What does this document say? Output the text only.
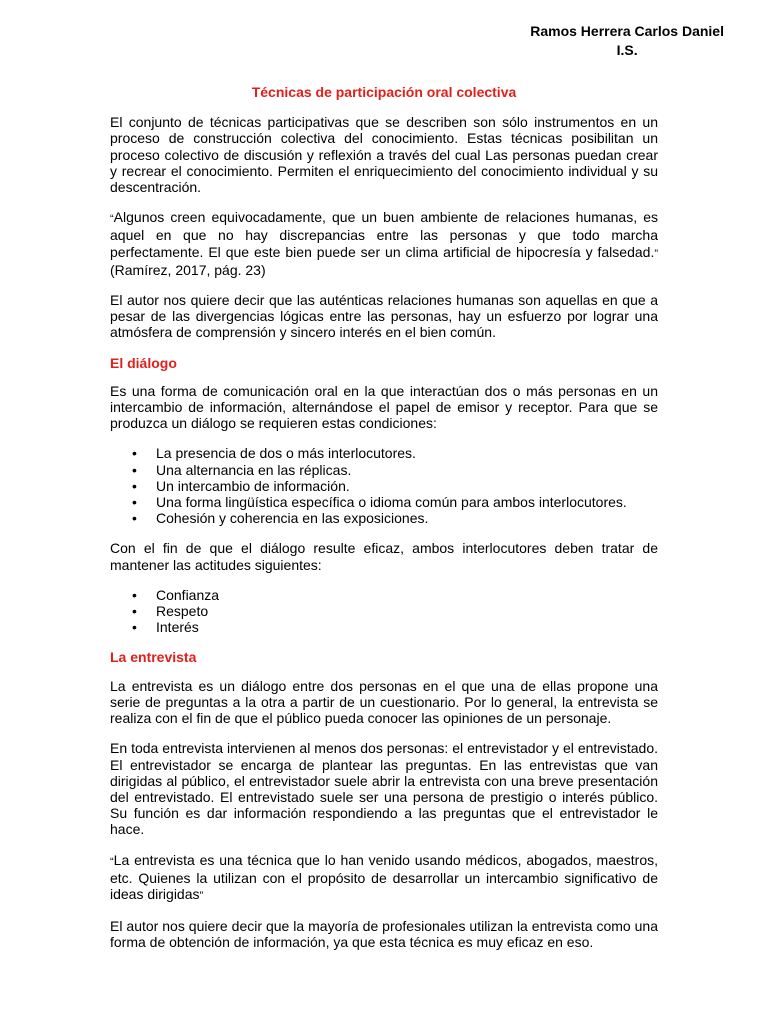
Ramos Herrera Carlos Daniel
I.S.
Técnicas de participación oral colectiva
El conjunto de técnicas participativas que se describen son sólo instrumentos en un proceso de construcción colectiva del conocimiento. Estas técnicas posibilitan un proceso colectivo de discusión y reflexión a través del cual Las personas puedan crear y recrear el conocimiento. Permiten el enriquecimiento del conocimiento individual y su descentración.
“Algunos creen equivocadamente, que un buen ambiente de relaciones humanas, es aquel en que no hay discrepancias entre las personas y que todo marcha perfectamente. El que este bien puede ser un clima artificial de hipocresía y falsedad.” (Ramírez, 2017, pág. 23)
El autor nos quiere decir que las auténticas relaciones humanas son aquellas en que a pesar de las divergencias lógicas entre las personas, hay un esfuerzo por lograr una atmósfera de comprensión y sincero interés en el bien común.
El diálogo
Es una forma de comunicación oral en la que interactúan dos o más personas en un intercambio de información, alternándose el papel de emisor y receptor. Para que se produzca un diálogo se requieren estas condiciones:
• La presencia de dos o más interlocutores.
• Una alternancia en las réplicas.
• Un intercambio de información.
• Una forma lingüística específica o idioma común para ambos interlocutores.
• Cohesión y coherencia en las exposiciones.
Con el fin de que el diálogo resulte eficaz, ambos interlocutores deben tratar de mantener las actitudes siguientes:
• Confianza
• Respeto
• Interés
La entrevista
La entrevista es un diálogo entre dos personas en el que una de ellas propone una serie de preguntas a la otra a partir de un cuestionario. Por lo general, la entrevista se realiza con el fin de que el público pueda conocer las opiniones de un personaje.
En toda entrevista intervienen al menos dos personas: el entrevistador y el entrevistado. El entrevistador se encarga de plantear las preguntas. En las entrevistas que van dirigidas al público, el entrevistador suele abrir la entrevista con una breve presentación del entrevistado. El entrevistado suele ser una persona de prestigio o interés público. Su función es dar información respondiendo a las preguntas que el entrevistador le hace.
“La entrevista es una técnica que lo han venido usando médicos, abogados, maestros, etc. Quienes la utilizan con el propósito de desarrollar un intercambio significativo de ideas dirigidas”
El autor nos quiere decir que la mayoría de profesionales utilizan la entrevista como una forma de obtención de información, ya que esta técnica es muy eficaz en eso.
